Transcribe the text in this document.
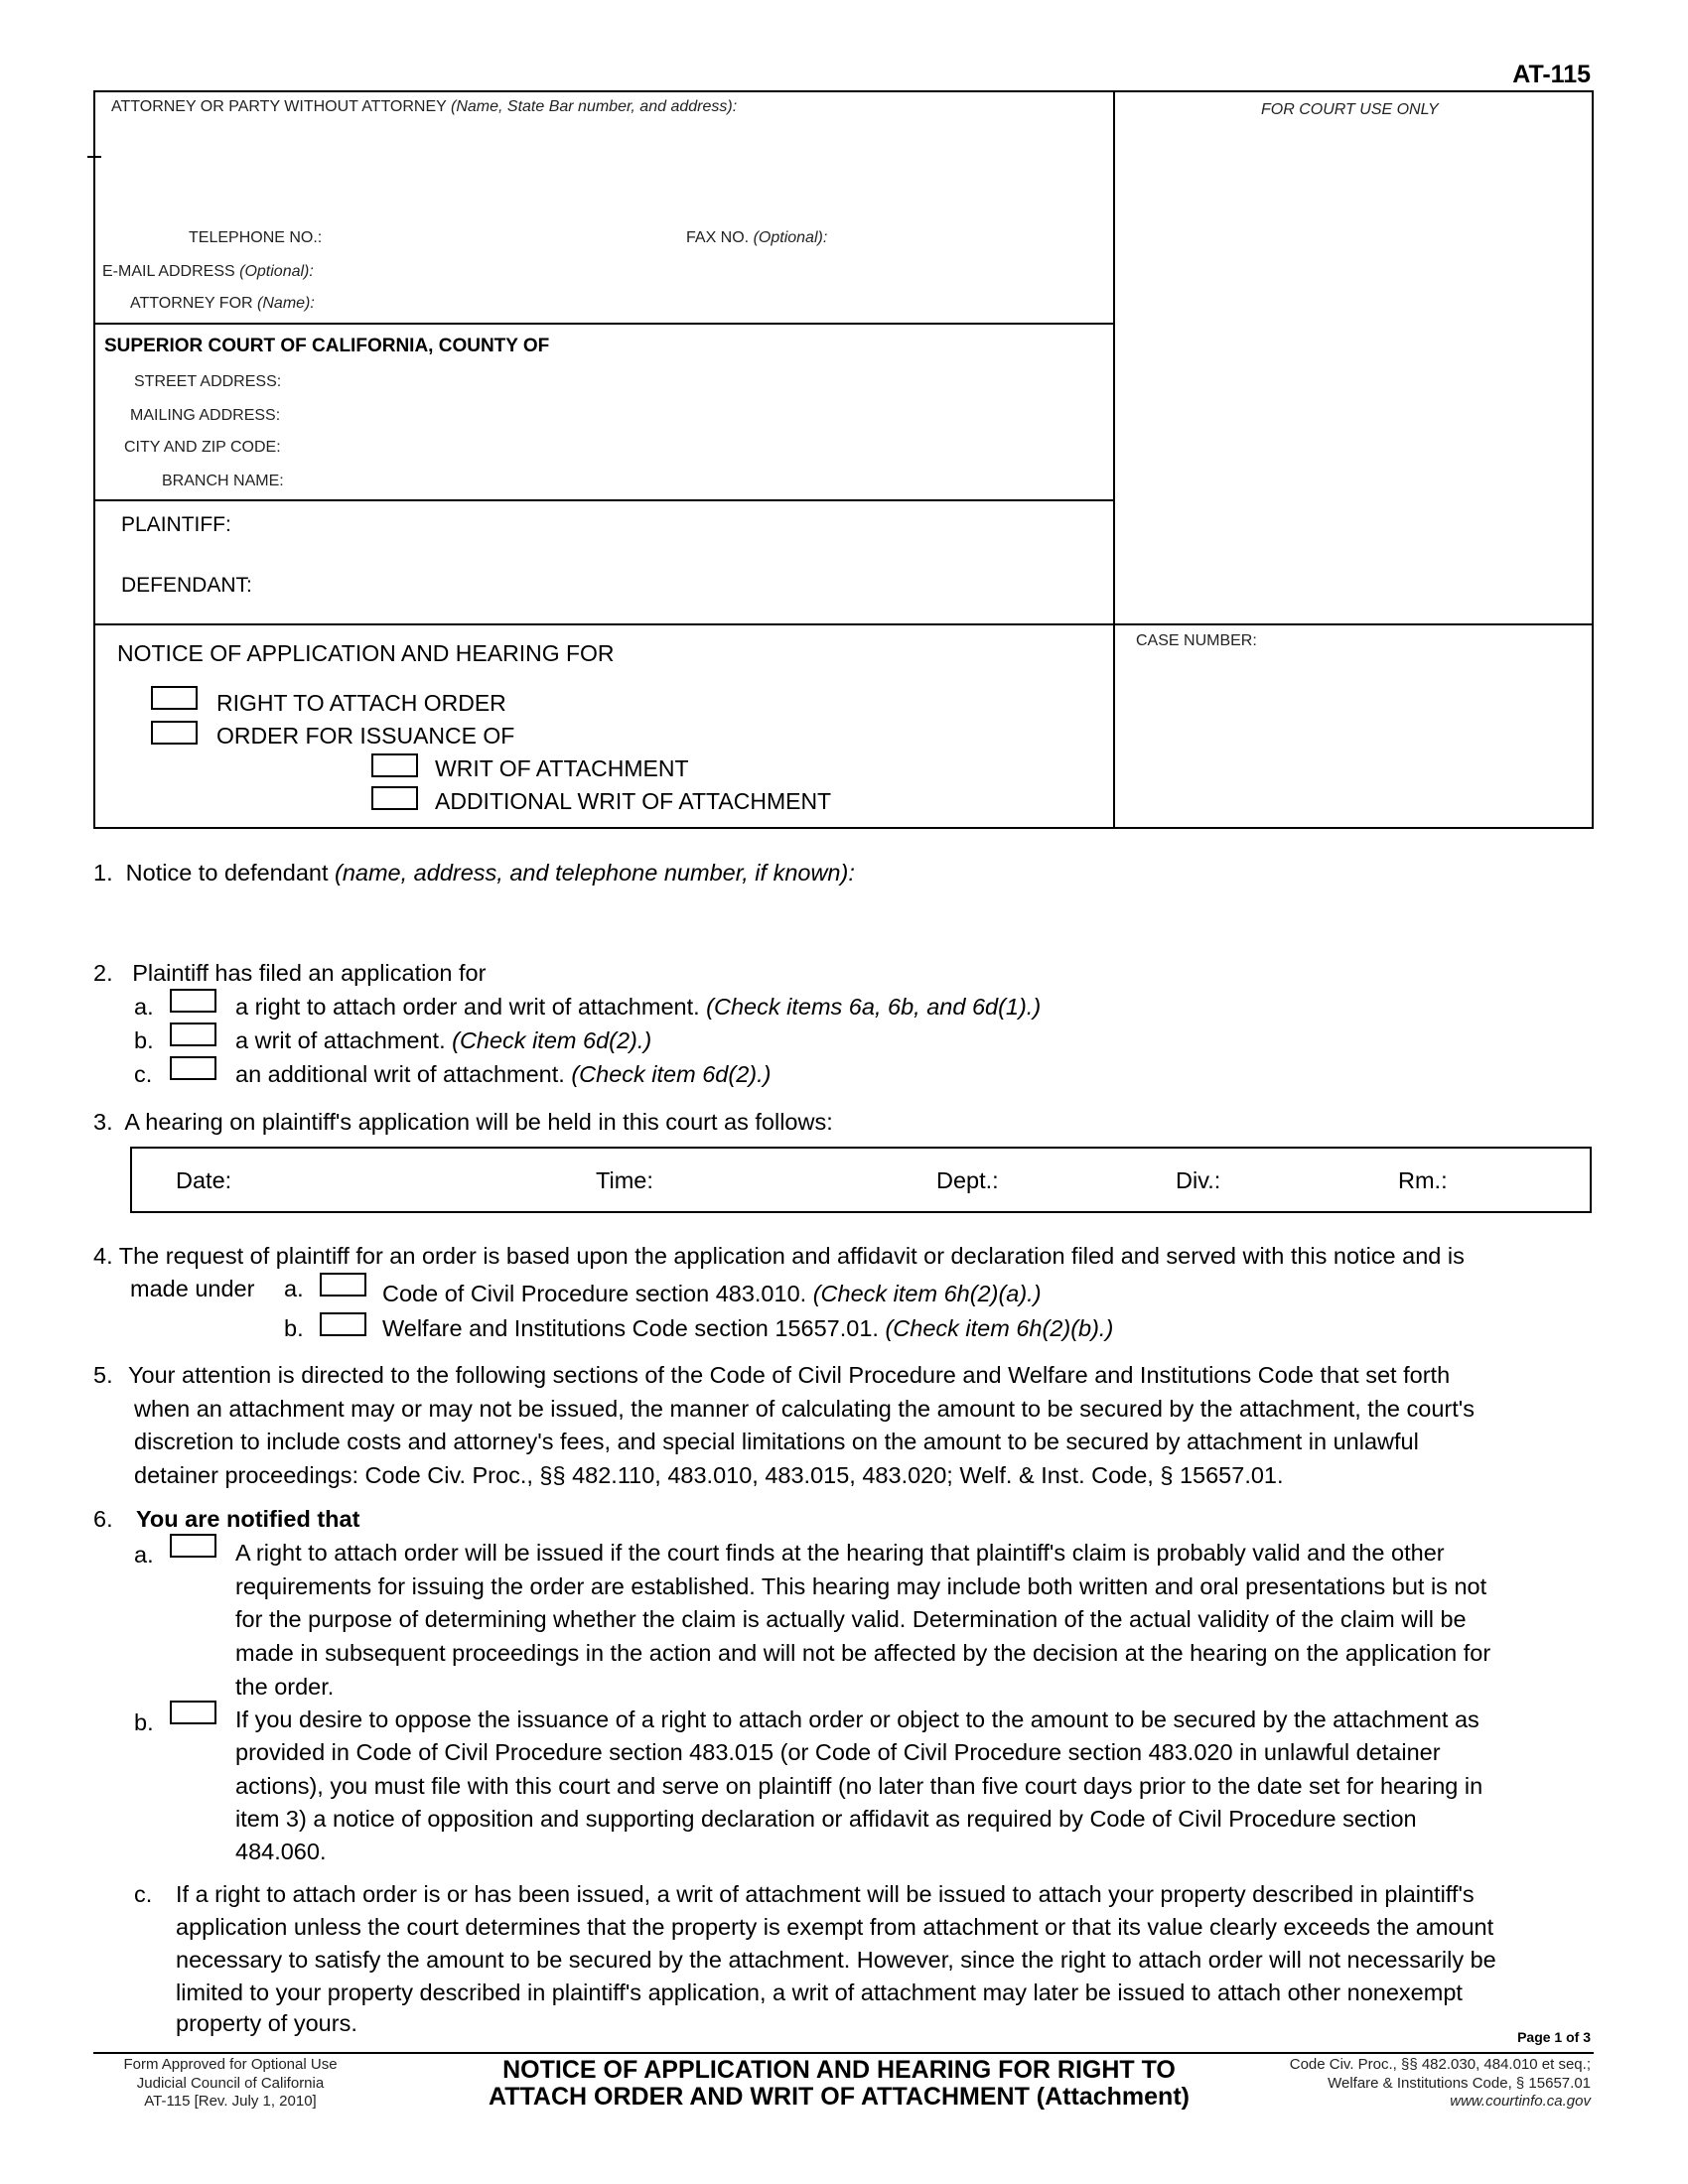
AT-115
ATTORNEY OR PARTY WITHOUT ATTORNEY (Name, State Bar number, and address):	FOR COURT USE ONLY
TELEPHONE NO.:	FAX NO. (Optional):
E-MAIL ADDRESS (Optional):
ATTORNEY FOR (Name):
SUPERIOR COURT OF CALIFORNIA, COUNTY OF
STREET ADDRESS:
MAILING ADDRESS:
CITY AND ZIP CODE:
BRANCH NAME:
PLAINTIFF:
DEFENDANT:
NOTICE OF APPLICATION AND HEARING FOR
RIGHT TO ATTACH ORDER
ORDER FOR ISSUANCE OF
WRIT OF ATTACHMENT
ADDITIONAL WRIT OF ATTACHMENT
CASE NUMBER:
1. Notice to defendant (name, address, and telephone number, if known):
2. Plaintiff has filed an application for
a.	a right to attach order and writ of attachment. (Check items 6a, 6b, and 6d(1).)
b.	a writ of attachment. (Check item 6d(2).)
c.	an additional writ of attachment. (Check item 6d(2).)
3. A hearing on plaintiff's application will be held in this court as follows:
Date:	Time:	Dept.:	Div.:	Rm.:
4. The request of plaintiff for an order is based upon the application and affidavit or declaration filed and served with this notice and is
made under a.	Code of Civil Procedure section 483.010. (Check item 6h(2)(a).)
b.	Welfare and Institutions Code section 15657.01. (Check item 6h(2)(b).)
5. Your attention is directed to the following sections of the Code of Civil Procedure and Welfare and Institutions Code that set forth
when an attachment may or may not be issued, the manner of calculating the amount to be secured by the attachment, the court's
discretion to include costs and attorney's fees, and special limitations on the amount to be secured by attachment in unlawful
detainer proceedings: Code Civ. Proc., §§ 482.110, 483.010, 483.015, 483.020; Welf. & Inst. Code, § 15657.01.
6. You are notified that
a.	A right to attach order will be issued if the court finds at the hearing that plaintiff's claim is probably valid and the other
requirements for issuing the order are established. This hearing may include both written and oral presentations but is not
for the purpose of determining whether the claim is actually valid. Determination of the actual validity of the claim will be
made in subsequent proceedings in the action and will not be affected by the decision at the hearing on the application for
the order.
b.	If you desire to oppose the issuance of a right to attach order or object to the amount to be secured by the attachment as
provided in Code of Civil Procedure section 483.015 (or Code of Civil Procedure section 483.020 in unlawful detainer
actions), you must file with this court and serve on plaintiff (no later than five court days prior to the date set for hearing in
item 3) a notice of opposition and supporting declaration or affidavit as required by Code of Civil Procedure section
484.060.
c. If a right to attach order is or has been issued, a writ of attachment will be issued to attach your property described in plaintiff's
application unless the court determines that the property is exempt from attachment or that its value clearly exceeds the amount
necessary to satisfy the amount to be secured by the attachment. However, since the right to attach order will not necessarily be
limited to your property described in plaintiff's application, a writ of attachment may later be issued to attach other nonexempt
property of yours.
Page 1 of 3
Form Approved for Optional Use
Judicial Council of California
AT-115 [Rev. July 1, 2010]
NOTICE OF APPLICATION AND HEARING FOR RIGHT TO
ATTACH ORDER AND WRIT OF ATTACHMENT (Attachment)
Code Civ. Proc., §§ 482.030, 484.010 et seq.;
Welfare & Institutions Code, § 15657.01
www.courtinfo.ca.gov
